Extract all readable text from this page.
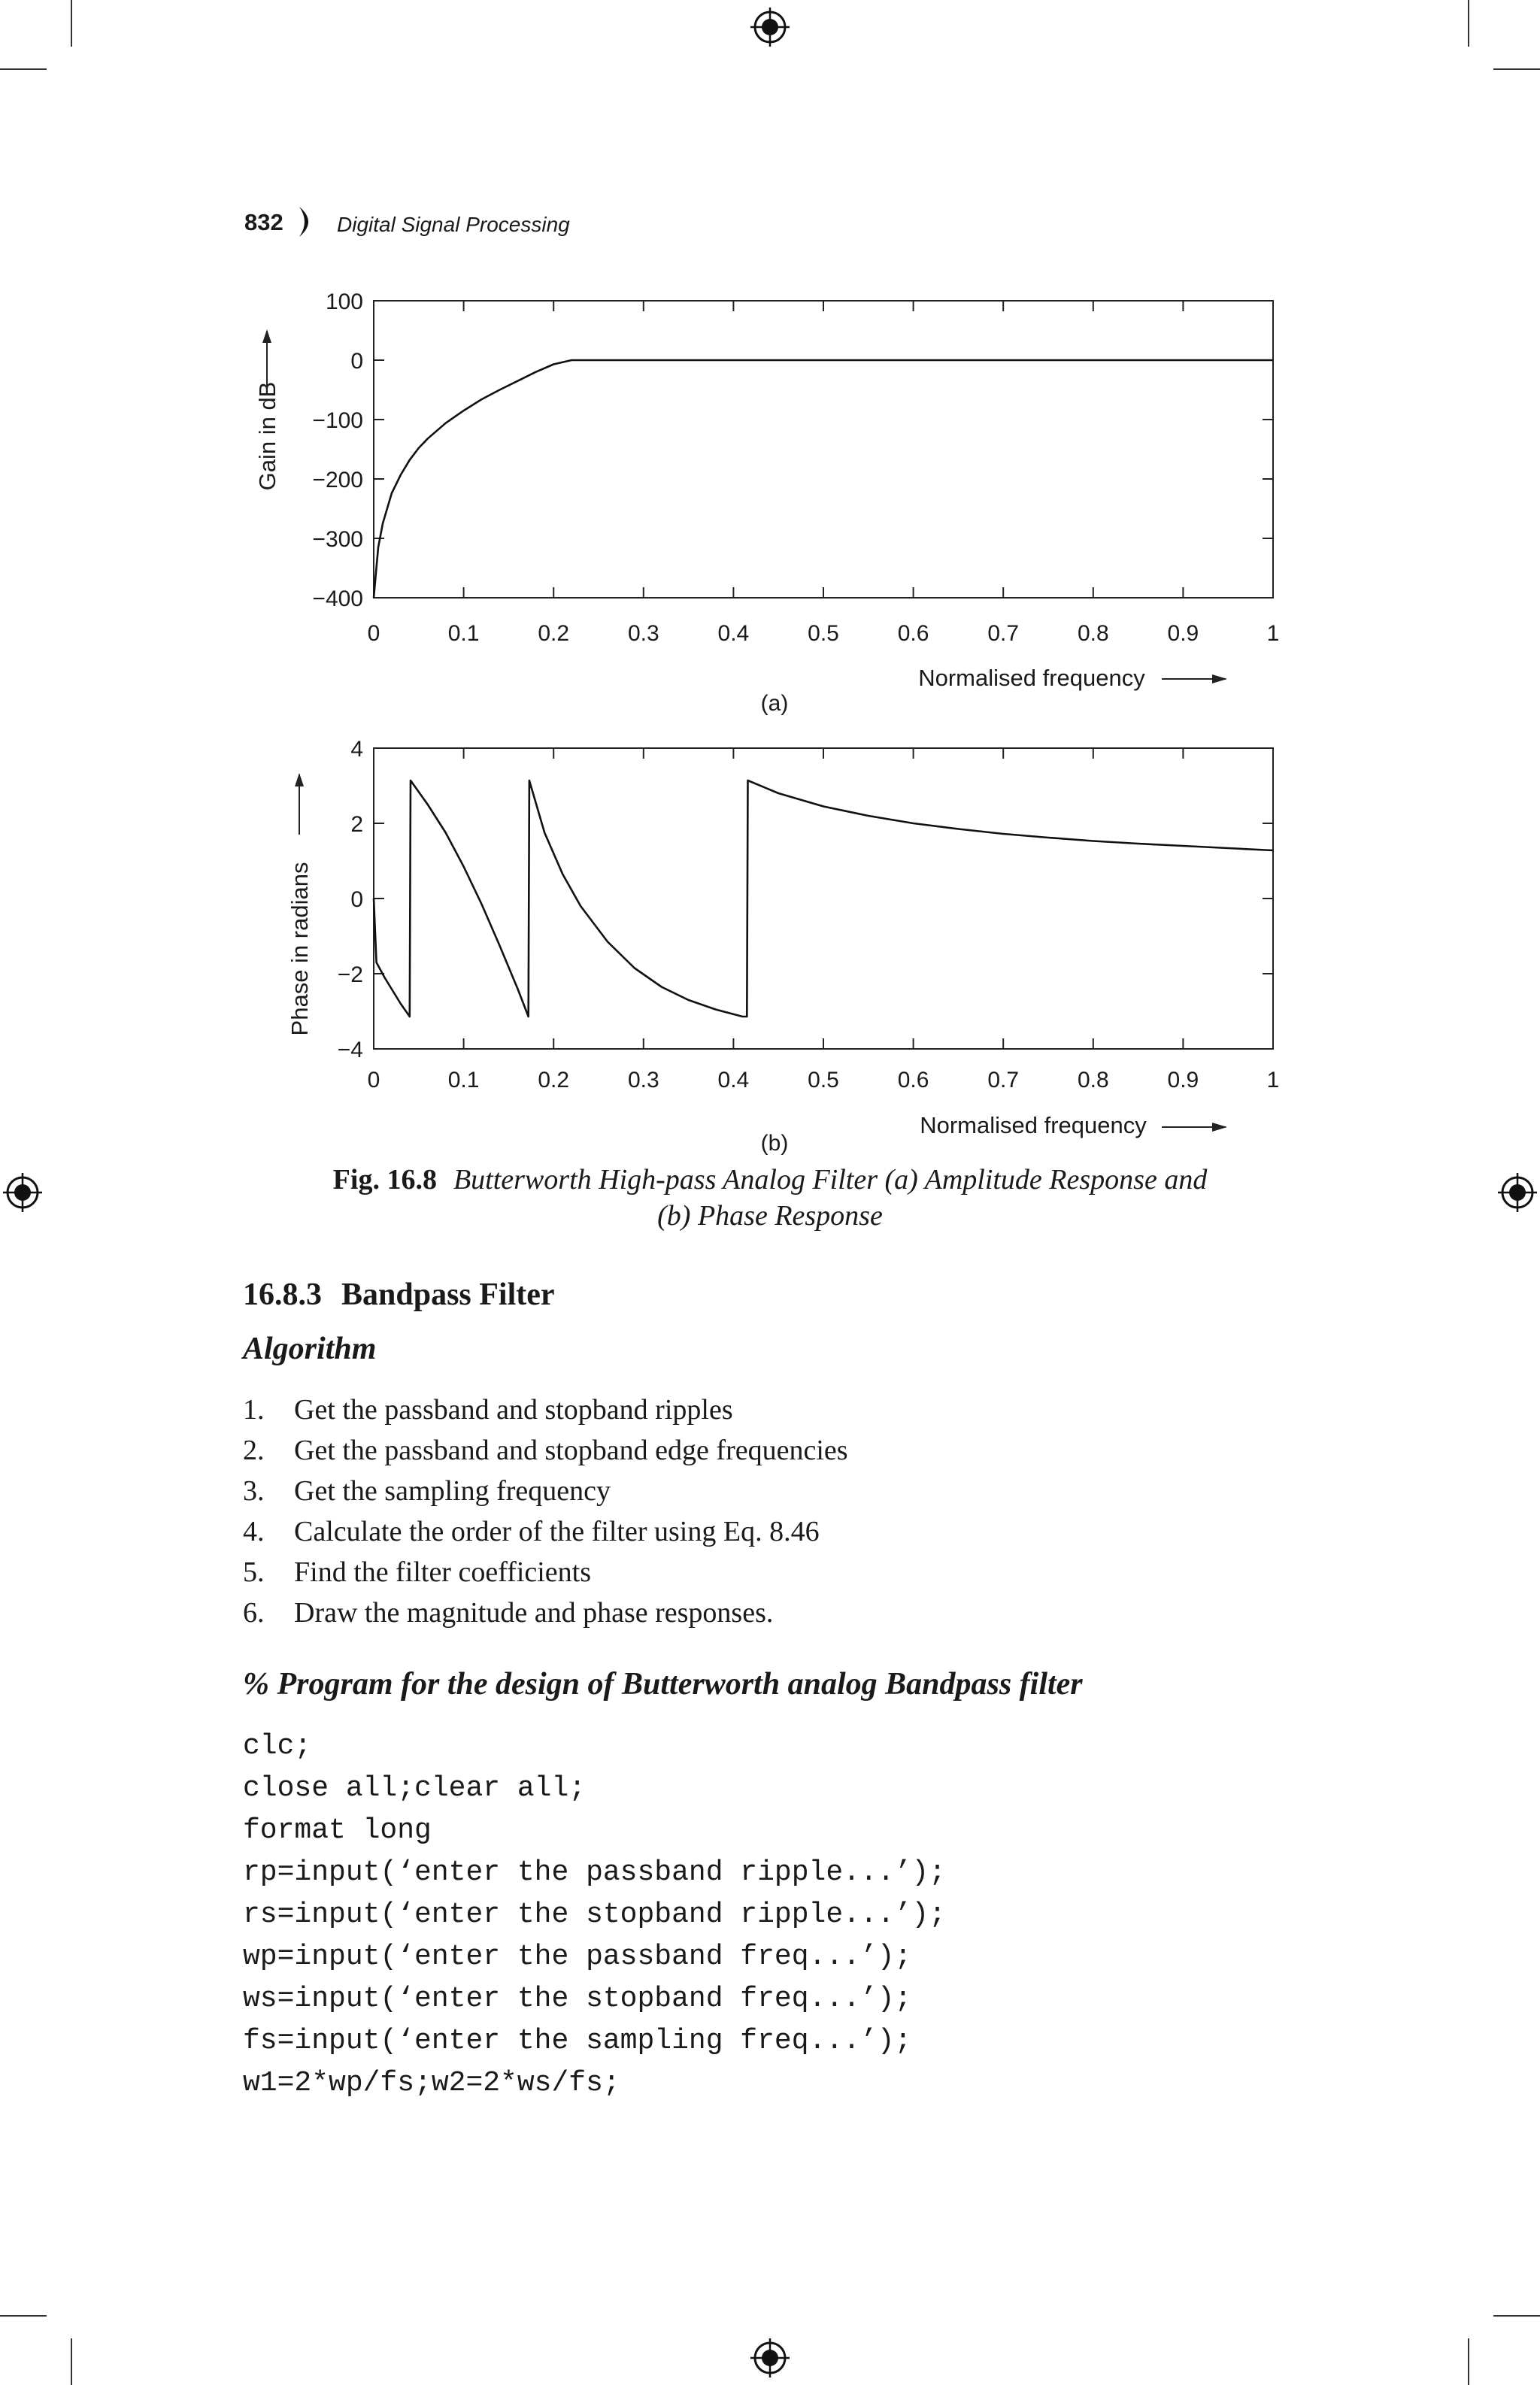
832	Digital Signal Processing
0	0.1	0.2	0.3	0.4	0.5	0.6	0.7	0.8	0.9	1
100
0
−100
−200
−300
−400
Gain in dB
Normalised frequency
(a)
0	0.1	0.2	0.3	0.4	0.5	0.6	0.7	0.8	0.9	1
4
2
0
−2
−4
Phase in radians
Normalised frequency
(b)
Fig. 16.8 Butterworth High-pass Analog Filter (a) Amplitude Response and
(b) Phase Response
16.8.3 Bandpass Filter
Algorithm
1. Get the passband and stopband ripples
2. Get the passband and stopband edge frequencies
3. Get the sampling frequency
4. Calculate the order of the filter using Eq. 8.46
5. Find the filter coefficients
6. Draw the magnitude and phase responses.
% Program for the design of Butterworth analog Bandpass filter
clc;
close all;clear all;
format long
rp=input(‘enter the passband ripple...’);
rs=input(‘enter the stopband ripple...’);
wp=input(‘enter the passband freq...’);
ws=input(‘enter the stopband freq...’);
fs=input(‘enter the sampling freq...’);
w1=2*wp/fs;w2=2*ws/fs;
